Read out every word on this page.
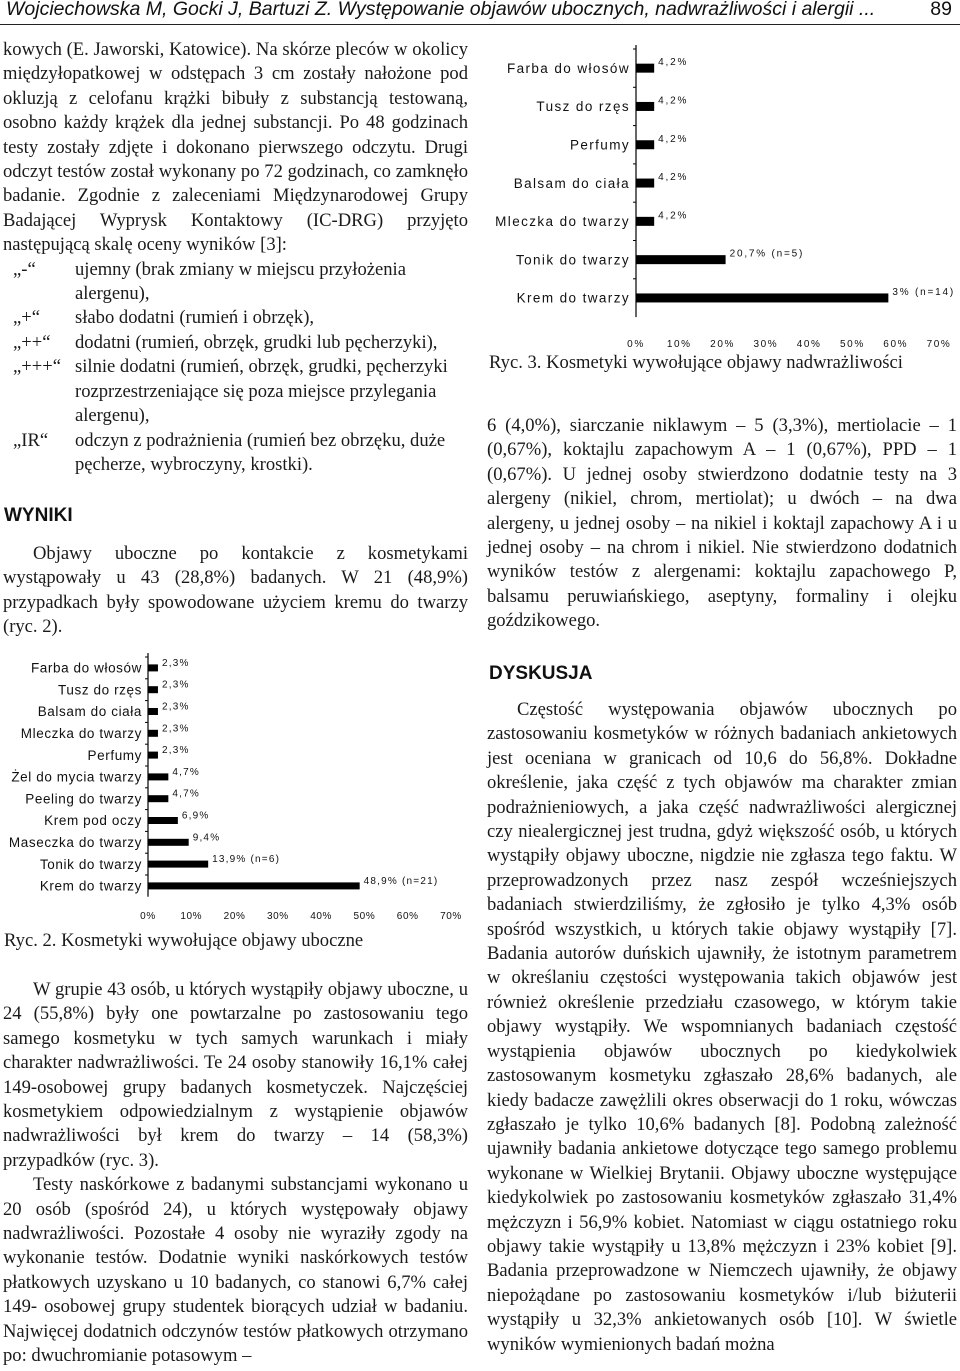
Wojciechowska M, Gocki J, Bartuzi Z. Występowanie objawów ubocznych, nadwrażliwości i alergii ...	89

kowych (E. Jaworski, Katowice). Na skórze pleców w okolicy międzyłopatkowej w odstępach 3 cm zostały nałożone pod okluzją z celofanu krążki bibuły z substancją testowaną, osobno każdy krążek dla jednej substancji. Po 48 godzinach testy zostały zdjęte i dokonano pierwszego odczytu. Drugi odczyt testów został wykonany po 72 godzinach, co zamknęło badanie. Zgodnie z zaleceniami Międzynarodowej Grupy Badającej Wyprysk Kontaktowy (IC-DRG) przyjęto następującą skalę oceny wyników [3]:

„-“	ujemny (brak zmiany w miejscu przyłożenia alergenu),
„+“	słabo dodatni (rumień i obrzęk),
„++“	dodatni (rumień, obrzęk, grudki lub pęcherzyki),
„+++“ silnie dodatni (rumień, obrzęk, grudki, pęcherzyki rozprzestrzeniające się poza miejsce przylegania alergenu),
„IR“	odczyn z podrażnienia (rumień bez obrzęku, duże pęcherze, wybroczyny, krostki).
WYNIKI

Objawy uboczne po kontakcie z kosmetykami wystąpowały u 43 (28,8%) badanych. W 21 (48,9%) przypadkach były spowodowane użyciem kremu do twarzy (ryc. 2).

Farba do włosów 2,3%
Tusz do rzęs 2,3%
Balsam do ciała 2,3%
Mleczka do twarzy 2,3%
Perfumy 2,3%
Żel do mycia twarzy	4,7%
Peeling do twarzy	4,7%
Krem pod oczy	6,9%
Maseczka do twarzy	9,4%
Tonik do twarzy	13,9% (n=6)
Krem do twarzy	48,9% (n=21)
0% 10% 20% 30% 40% 50% 60% 70%
Ryc. 2. Kosmetyki wywołujące objawy uboczne

W grupie 43 osób, u których wystąpiły objawy uboczne, u 24 (55,8%) były one powtarzalne po zastosowaniu tego samego kosmetyku w tych samych warunkach i miały charakter nadwrażliwości. Te 24 osoby stanowiły 16,1% całej 149-osobowej grupy badanych kosmetyczek. Najczęściej kosmetykiem odpowiedzialnym z wystąpienie objawów nadwrażliwości był krem do twarzy – 14 (58,3%) przypadków (ryc. 3).

Testy naskórkowe z badanymi substancjami wykonano u 20 osób (spośród 24), u których występowały objawy nadwrażliwości. Pozostałe 4 osoby nie wyraziły zgody na wykonanie testów. Dodatnie wyniki naskórkowych testów płatkowych uzyskano u 10 badanych, co stanowi 6,7% całej 149- osobowej grupy studentek biorących udział w badaniu. Najwięcej dodatnich odczynów testów płatkowych otrzymano po: dwuchromianie potasowym –

Farba do włosów	4,2%
Tusz do rzęs	4,2%
Perfumy	4,2%
Balsam do ciała	4,2%
Mleczka do twarzy	4,2%
Tonik do twarzy	20,7% (n=5)
Krem do twarzy	3% (n=14)
0% 10% 20% 30% 40% 50% 60% 70%
Ryc. 3. Kosmetyki wywołujące objawy nadwrażliwości

6 (4,0%), siarczanie niklawym – 5 (3,3%), mertiolacie – 1 (0,67%), koktajlu zapachowym A – 1 (0,67%), PPD – 1 (0,67%). U jednej osoby stwierdzono dodatnie testy na 3 alergeny (nikiel, chrom, mertiolat); u dwóch – na dwa alergeny, u jednej osoby – na nikiel i koktajl zapachowy A i u jednej osoby – na chrom i nikiel. Nie stwierdzono dodatnich wyników testów z alergenami: koktajlu zapachowego P, balsamu peruwiańskiego, aseptyny, formaliny i olejku goździkowego.

DYSKUSJA

Częstość występowania objawów ubocznych po zastosowaniu kosmetyków w różnych badaniach ankietowych jest oceniana w granicach od 10,6 do 56,8%. Dokładne określenie, jaka część z tych objawów ma charakter zmian podrażnieniowych, a jaka część nadwrażliwości alergicznej czy niealergicznej jest trudna, gdyż większość osób, u których wystąpiły objawy uboczne, nigdzie nie zgłasza tego faktu. W przeprowadzonych przez nasz zespół wcześniejszych badaniach stwierdziliśmy, że zgłosiło je tylko 4,3% osób spośród wszystkich, u których takie objawy wystąpiły [7]. Badania autorów duńskich ujawniły, że istotnym parametrem w określaniu częstości występowania takich objawów jest również określenie przedziału czasowego, w którym takie objawy wystąpiły. We wspomnianych badaniach częstość wystąpienia objawów ubocznych po kiedykolwiek zastosowanym kosmetyku zgłaszało 28,6% badanych, ale kiedy badacze zawężlili okres obserwacji do 1 roku, wówczas zgłaszało je tylko 10,6% badanych [8]. Podobną zależność ujawniły badania ankietowe dotyczące tego samego problemu wykonane w Wielkiej Brytanii. Objawy uboczne występujące kiedykolwiek po zastosowaniu kosmetyków zgłaszało 31,4% mężczyzn i 56,9% kobiet. Natomiast w ciągu ostatniego roku objawy takie wystąpiły u 13,8% mężczyzn i 23% kobiet [9]. Badania przeprowadzone w Niemczech ujawniły, że objawy niepożądane po zastosowaniu kosmetyków i/lub biżuterii wystąpiły u 32,3% ankietowanych osób [10]. W świetle wyników wymienionych badań można
